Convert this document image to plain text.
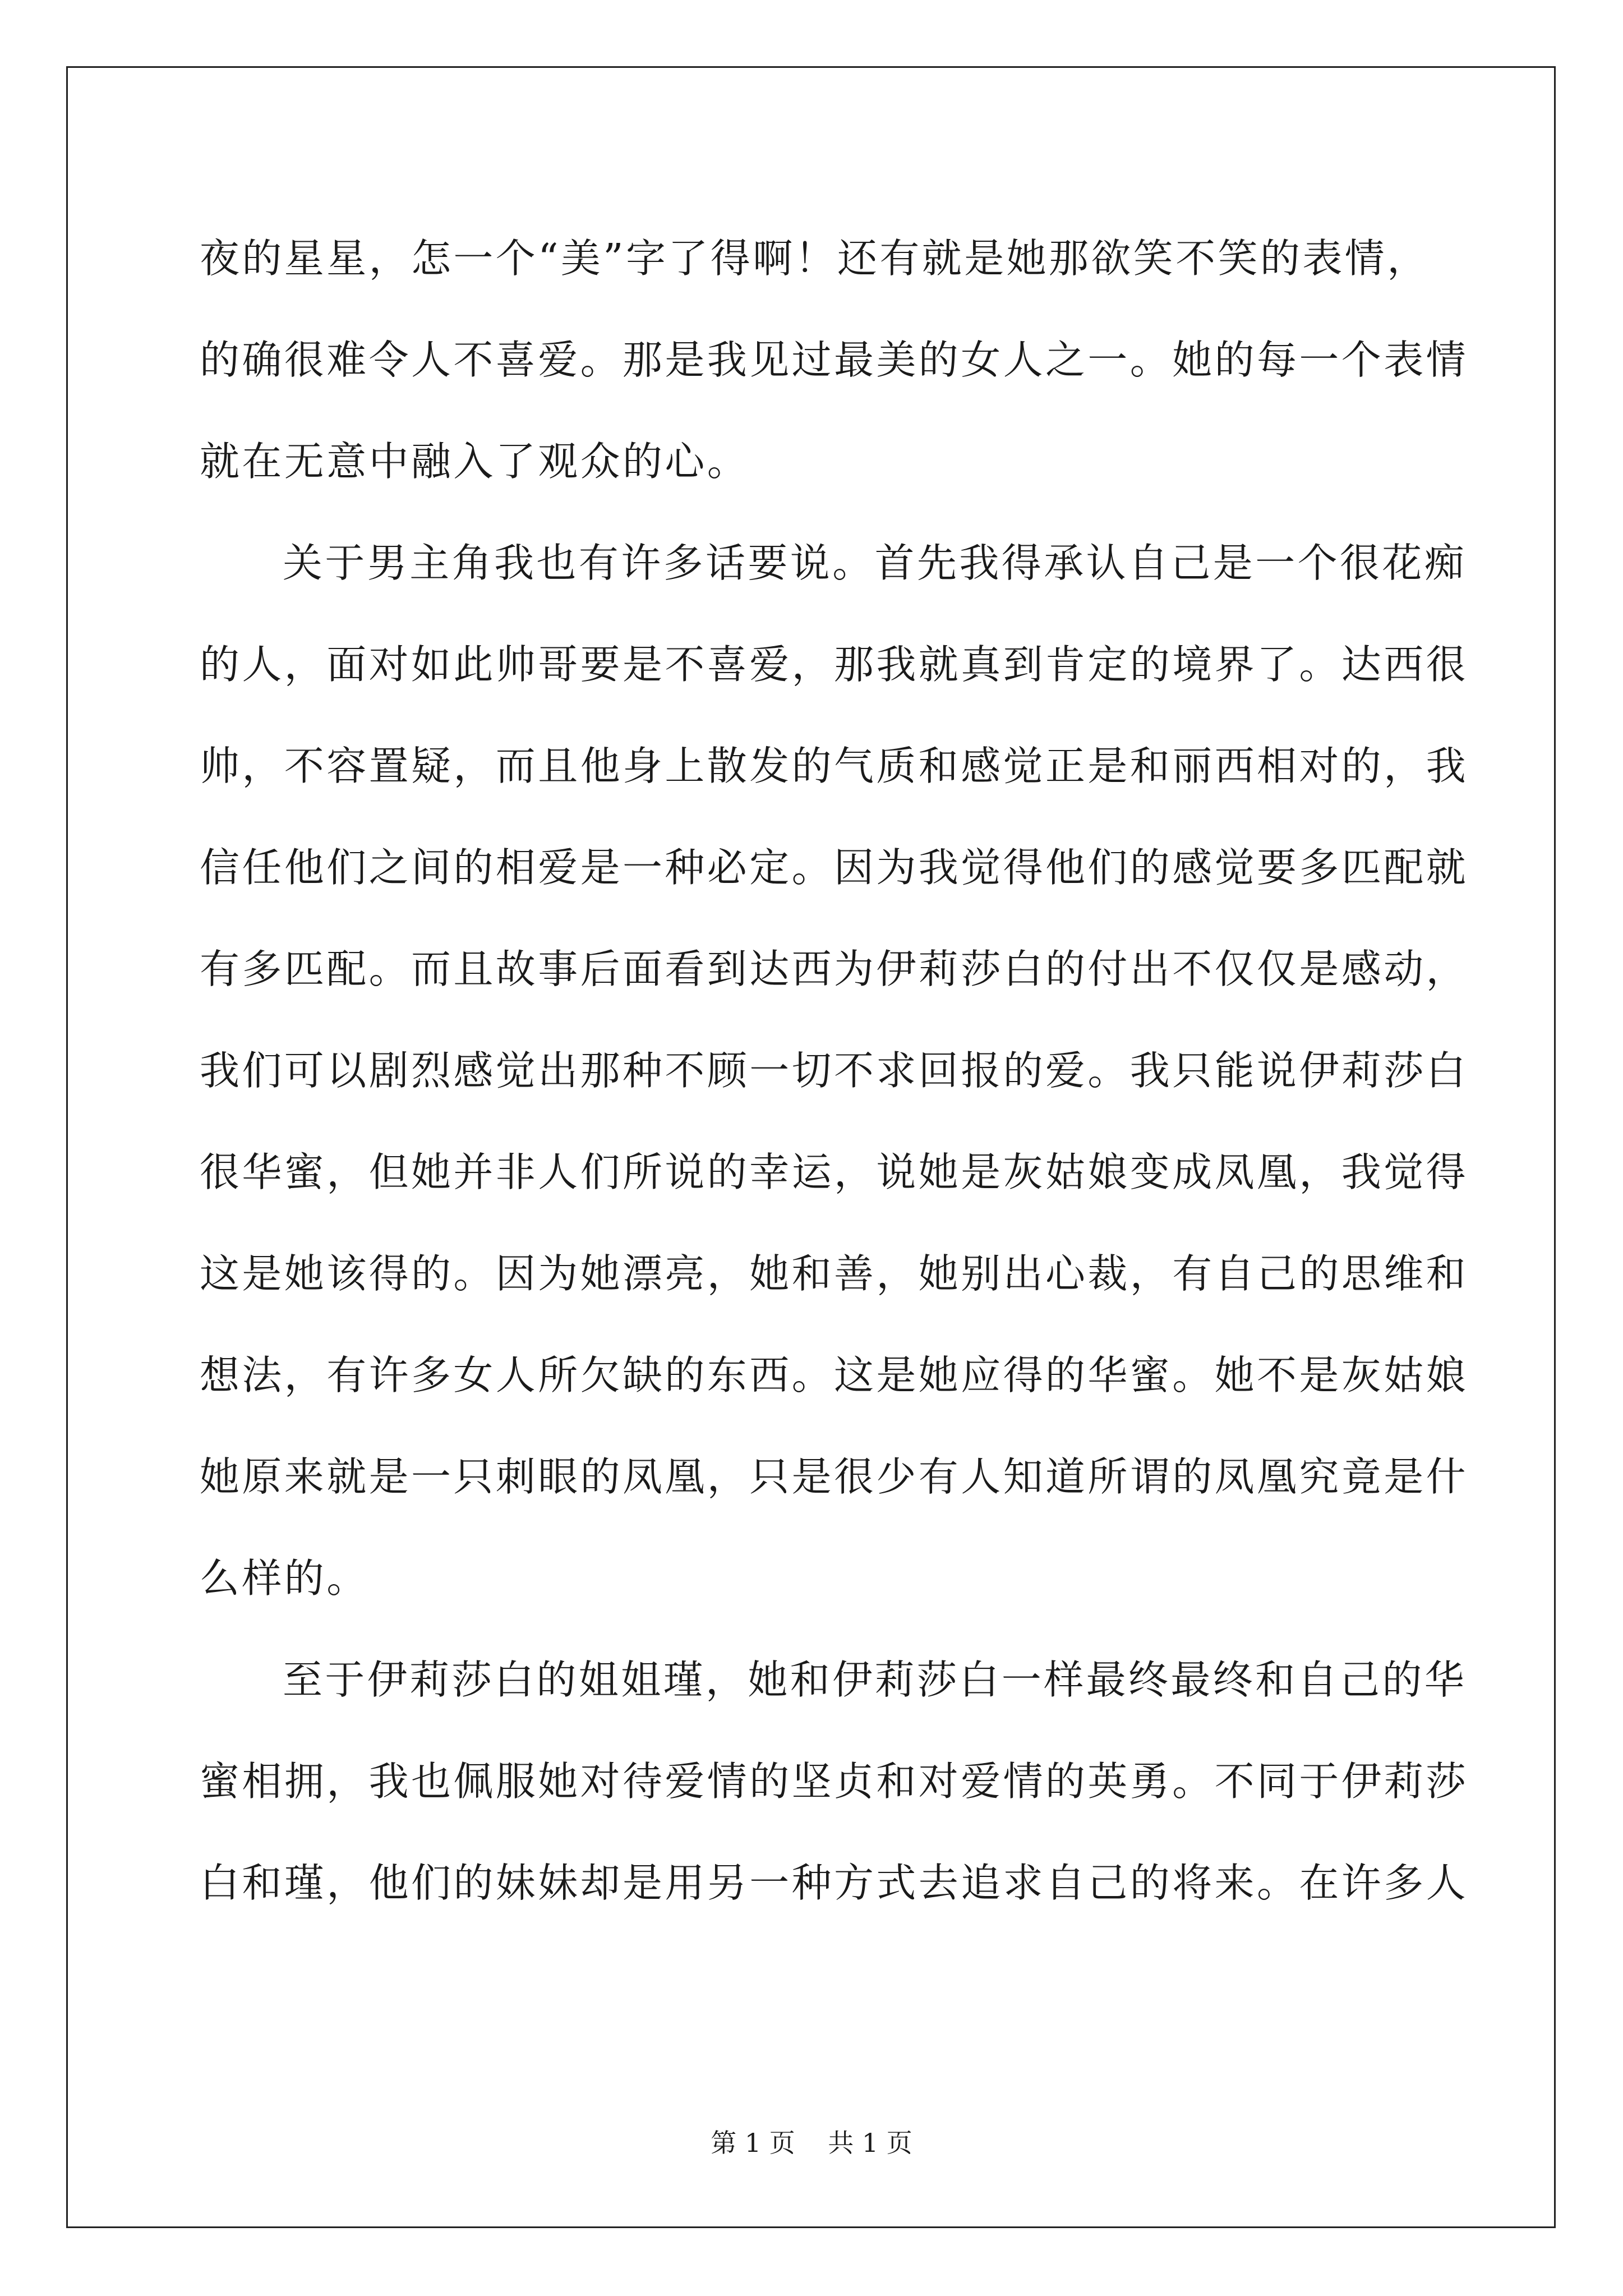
夜的星星，怎一个“美”字了得啊！还有就是她那欲笑不笑的表情，
的确很难令人不喜爱。那是我见过最美的女人之一。她的每一个表情
就在无意中融入了观众的心。
关于男主角我也有许多话要说。首先我得承认自己是一个很花痴
的人，面对如此帅哥要是不喜爱，那我就真到肯定的境界了。达西很
帅，不容置疑，而且他身上散发的气质和感觉正是和丽西相对的，我
信任他们之间的相爱是一种必定。因为我觉得他们的感觉要多匹配就
有多匹配。而且故事后面看到达西为伊莉莎白的付出不仅仅是感动，
我们可以剧烈感觉出那种不顾一切不求回报的爱。我只能说伊莉莎白
很华蜜，但她并非人们所说的幸运，说她是灰姑娘变成凤凰，我觉得
这是她该得的。因为她漂亮，她和善，她别出心裁，有自己的思维和
想法，有许多女人所欠缺的东西。这是她应得的华蜜。她不是灰姑娘
她原来就是一只刺眼的凤凰，只是很少有人知道所谓的凤凰究竟是什
么样的。
至于伊莉莎白的姐姐瑾，她和伊莉莎白一样最终最终和自己的华
蜜相拥，我也佩服她对待爱情的坚贞和对爱情的英勇。不同于伊莉莎
白和瑾，他们的妹妹却是用另一种方式去追求自己的将来。在许多人
第 1 页    共 1 页
